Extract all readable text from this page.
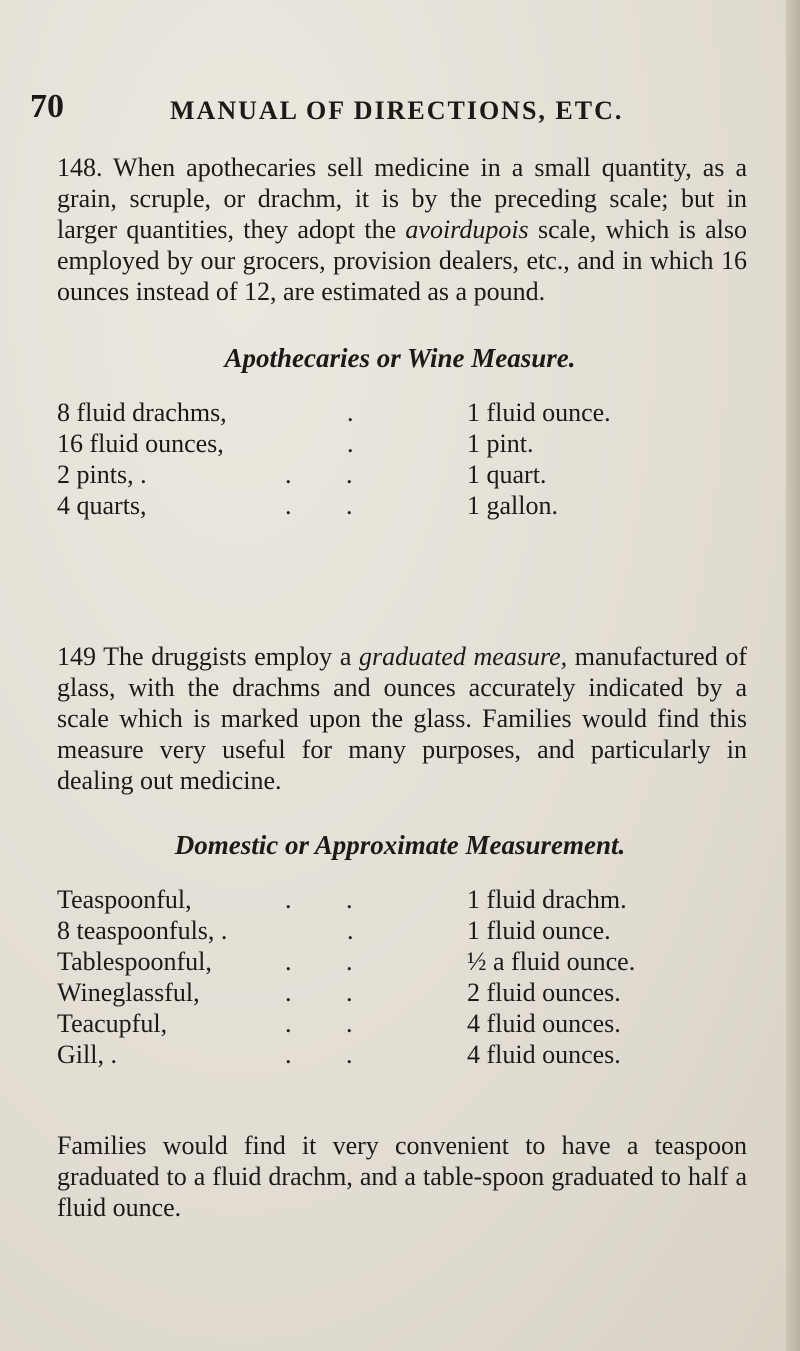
70	MANUAL OF DIRECTIONS, ETC.

148. When apothecaries sell medicine in a small quantity, as a grain, scruple, or drachm, it is by the preceding scale; but in larger quantities, they adopt the avoirdupois scale, which is also employed by our grocers, provision dealers, etc., and in which 16 ounces instead of 12, are estimated as a pound.

Apothecaries or Wine Measure.
8 fluid drachms,	.	1 fluid ounce.
16 fluid ounces,	.	1 pint.
2 pints, .	. .	1 quart.
4 quarts,	. .	1 gallon.

149 The druggists employ a graduated measure, manufactured of glass, with the drachms and ounces accurately indicated by a scale which is marked upon the glass. Families would find this measure very useful for many purposes, and particularly in dealing out medicine.

Domestic or Approximate Measurement.
Teaspoonful,	. .	1 fluid drachm.
8 teaspoonfuls, .	.	1 fluid ounce.
Tablespoonful,	. .	½ a fluid ounce.
Wineglassful,	. .	2 fluid ounces.
Teacupful,	. .	4 fluid ounces.
Gill, .	. .	4 fluid ounces.

Families would find it very convenient to have a teaspoon graduated to a fluid drachm, and a table-spoon graduated to half a fluid ounce.
